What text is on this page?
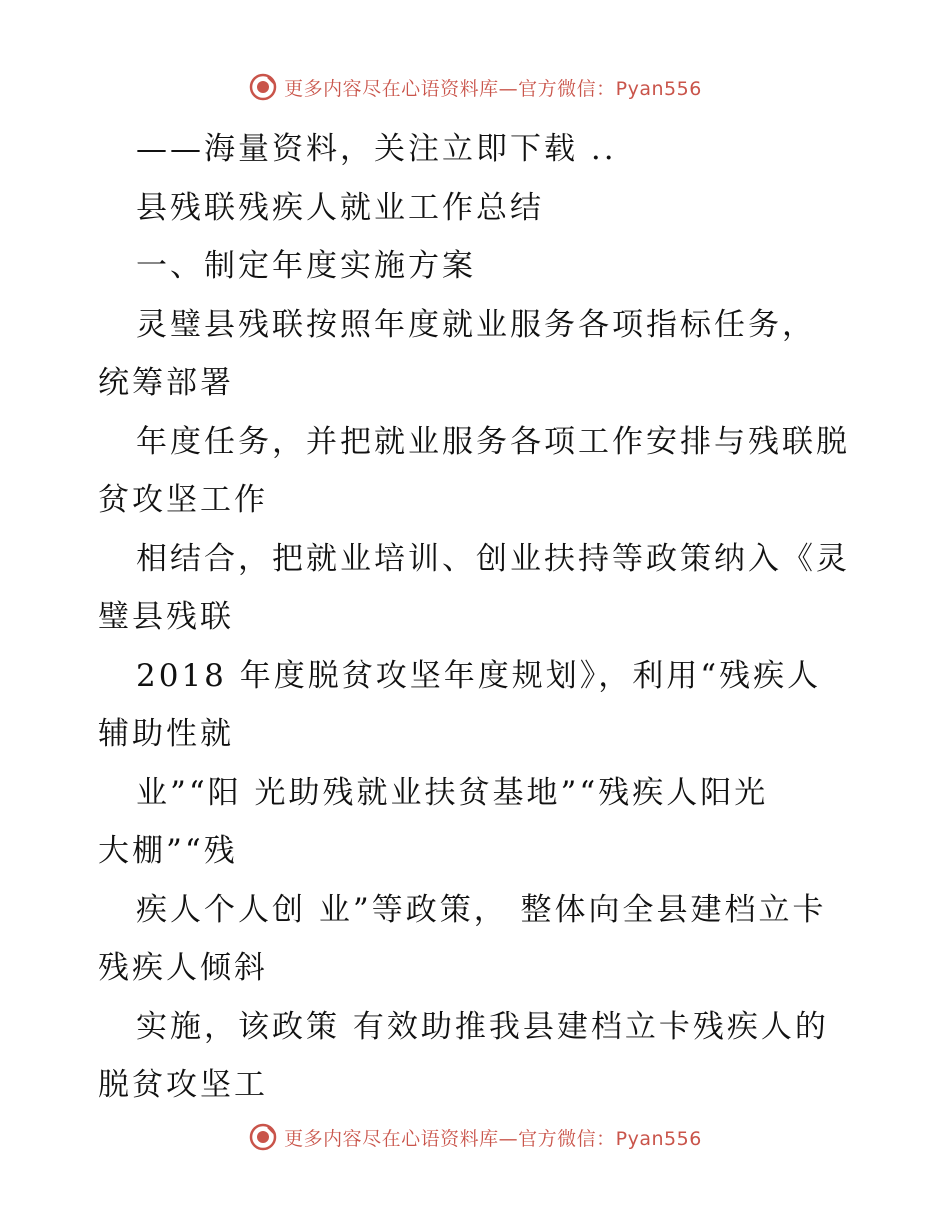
更多内容尽在心语资料库—官方微信：Pyan556
——海量资料，关注立即下载 ..
县残联残疾人就业工作总结
一、制定年度实施方案
灵璧县残联按照年度就业服务各项指标任务，
统筹部署
年度任务，并把就业服务各项工作安排与残联脱
贫攻坚工作
相结合，把就业培训、创业扶持等政策纳入《灵
璧县残联
2018 年度脱贫攻坚年度规划》，利用“残疾人
辅助性就
业”“阳 光助残就业扶贫基地”“残疾人阳光
大棚”“残
疾人个人创 业”等政策， 整体向全县建档立卡
残疾人倾斜
实施，该政策 有效助推我县建档立卡残疾人的
脱贫攻坚工
更多内容尽在心语资料库—官方微信：Pyan556
